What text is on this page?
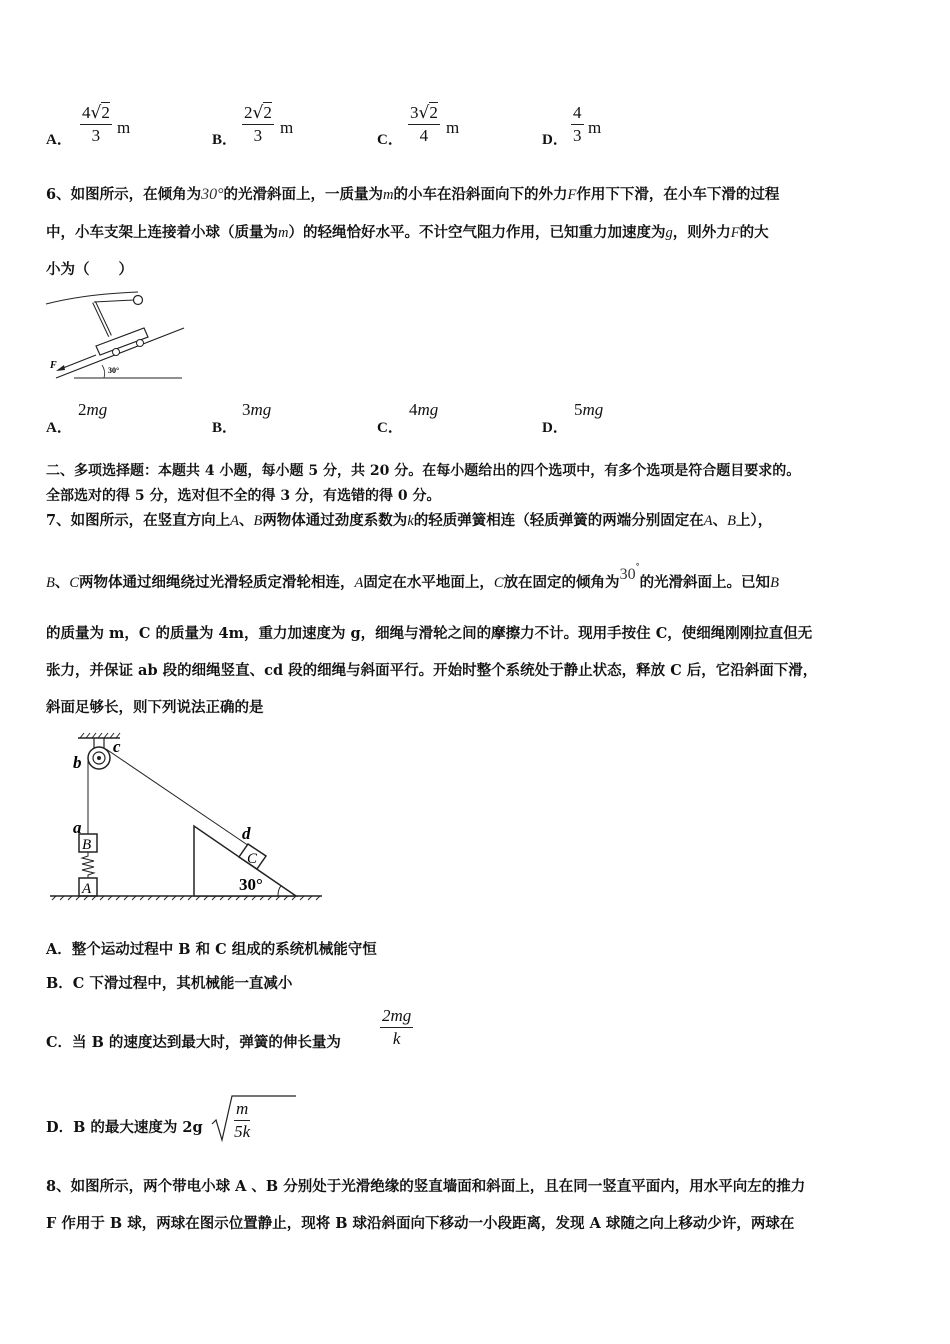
A． $\frac{4√2}{3}$ m
B． $\frac{2√2}{3}$ m
C． $\frac{3√2}{4}$ m
D． $\frac{4}{3}$ m
6、如图所示，在倾角为30°的光滑斜面上，一质量为m的小车在沿斜面向下的外力F作用下下滑，在小车下滑的过程
中，小车支架上连接着小球（质量为m）的轻绳恰好水平。不计空气阻力作用，已知重力加速度为g，则外力F的大
小为（　　）
F	30°
A．
2mg
B．
3mg
C．
4mg
D．
5mg
二、多项选择题：本题共 4 小题，每小题 5 分，共 20 分。在每小题给出的四个选项中，有多个选项是符合题目要求的。
全部选对的得 5 分，选对但不全的得 3 分，有选错的得 0 分。
7、如图所示，在竖直方向上A、B两物体通过劲度系数为k的轻质弹簧相连（轻质弹簧的两端分别固定在A、B上），
B、C两物体通过细绳绕过光滑轻质定滑轮相连，A固定在水平地面上，C放在固定的倾角为30°的光滑斜面上。已知B
的质量为 m，C 的质量为 4m，重力加速度为 g，细绳与滑轮之间的摩擦力不计。现用手按住 C，使细绳刚刚拉直但无
张力，并保证 ab 段的细绳竖直、cd 段的细绳与斜面平行。开始时整个系统处于静止状态，释放 C 后，它沿斜面下滑，
斜面足够长，则下列说法正确的是
B
A
C
b
c
a	d
30°
A．整个运动过程中 B 和 C 组成的系统机械能守恒
B．C 下滑过程中，其机械能一直减小
C．当 B 的速度达到最大时，弹簧的伸长量为 $\frac{2mg}{k}$
D．B 的最大速度为 $2g \frac{m}{5k}$
8、如图所示，两个带电小球 A 、B 分别处于光滑绝缘的竖直墙面和斜面上，且在同一竖直平面内，用水平向左的推力
F 作用于 B 球，两球在图示位置静止，现将 B 球沿斜面向下移动一小段距离，发现 A 球随之向上移动少许，两球在
